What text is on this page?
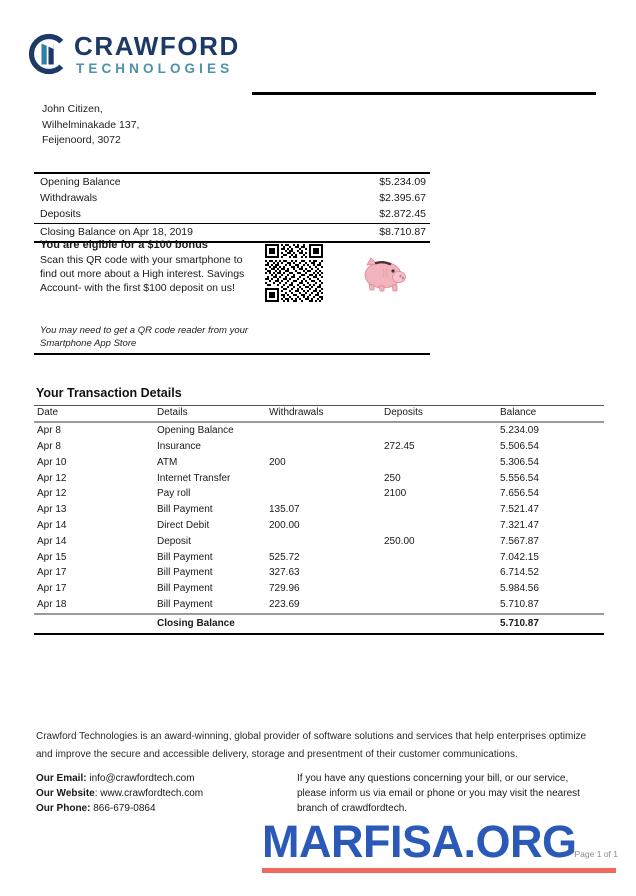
CRAWFORD
TECHNOLOGIES
John Citizen,
Wilhelminakade 137,
Feijenoord, 3072
Opening Balance	$5.234.09
Withdrawals	$2.395.67
Deposits	$2.872.45
Closing Balance on Apr 18, 2019	$8.710.87
You are elgible for a $100 bonus
Scan this QR code with your smartphone to find out more about a High interest. Savings Account- with the first $100 deposit on us!
You may need to get a QR code reader from your Smartphone App Store
Your Transaction Details
Date	Details	Withdrawals	Deposits	Balance
Apr 8	Opening Balance			5.234.09
Apr 8	Insurance		272.45	5.506.54
Apr 10	ATM	200		5.306.54
Apr 12	Internet Transfer		250	5.556.54
Apr 12	Pay roll		2100	7.656.54
Apr 13	Bill Payment	135.07		7.521.47
Apr 14	Direct Debit	200.00		7.321.47
Apr 14	Deposit		250.00	7.567.87
Apr 15	Bill Payment	525.72		7.042.15
Apr 17	Bill Payment	327.63		6.714.52
Apr 17	Bill Payment	729.96		5.984.56
Apr 18	Bill Payment	223.69		5.710.87
	Closing Balance			5.710.87
Crawford Technologies is an award-winning, global provider of software solutions and services that help enterprises optimize and improve the secure and accessible delivery, storage and presentment of their customer communications.
Our Email: info@crawfordtech.com
Our Website: www.crawfordtech.com
Our Phone: 866-679-0864
If you have any questions concerning your bill, or our service, please inform us via email or phone or you may visit the nearest branch of crawdfordtech.
Page 1 of 1
MARFISA.ORG
